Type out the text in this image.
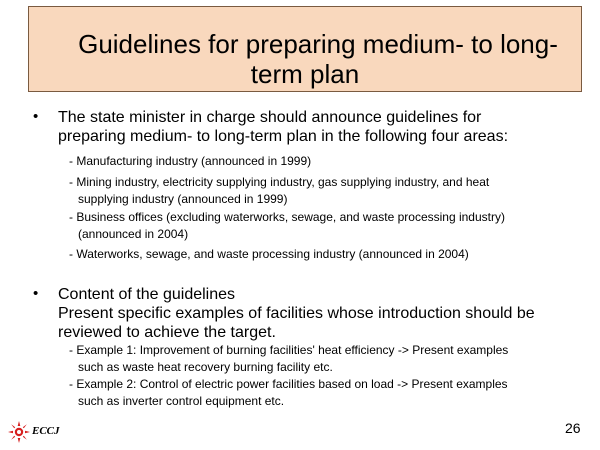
Guidelines for preparing medium- to long-
term plan
• The state minister in charge should announce guidelines for
preparing medium- to long-term plan in the following four areas:
- Manufacturing industry (announced in 1999)
- Mining industry, electricity supplying industry, gas supplying industry, and heat
supplying industry (announced in 1999)
- Business offices (excluding waterworks, sewage, and waste processing industry)
(announced in 2004)
- Waterworks, sewage, and waste processing industry (announced in 2004)
• Content of the guidelines
Present specific examples of facilities whose introduction should be
reviewed to achieve the target.
- Example 1: Improvement of burning facilities' heat efficiency -> Present examples
such as waste heat recovery burning facility etc.
- Example 2: Control of electric power facilities based on load -> Present examples
such as inverter control equipment etc.
ECCJ	26
